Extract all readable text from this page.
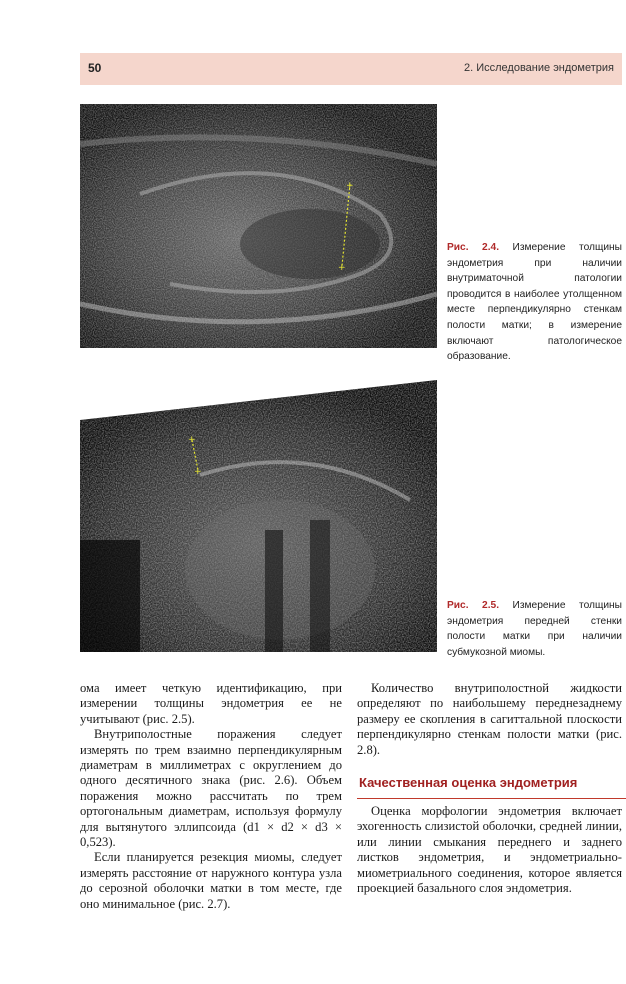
50	2. Исследование эндометрия
+
+
Рис. 2.4. Измерение толщины эндометрия при наличии внутриматочной патологии проводится в наиболее утолщенном месте перпендикулярно стенкам полости матки; в измерение включают патологическое образование.
+
+
Рис. 2.5. Измерение толщины эндометрия передней стенки полости матки при наличии субмукозной миомы.

ома имеет четкую идентификацию, при измерении толщины эндометрия ее не учитывают (рис. 2.5).

Внутриполостные поражения следует измерять по трем взаимно перпендикулярным диаметрам в миллиметрах с округлением до одного десятичного знака (рис. 2.6). Объем поражения можно рассчитать по трем ортогональным диаметрам, используя формулу для вытянутого эллипсоида (d1 × d2 × d3 × 0,523).

Если планируется резекция миомы, следует измерять расстояние от наружного контура узла до серозной оболочки матки в том месте, где оно минимальное (рис. 2.7).

Количество внутриполостной жидкости определяют по наибольшему переднезаднему размеру ее скопления в сагиттальной плоскости перпендикулярно стенкам полости матки (рис. 2.8).

Качественная оценка эндометрия

Оценка морфологии эндометрия включает эхогенность слизистой оболочки, средней линии, или линии смыкания переднего и заднего листков эндометрия, и эндометриально-миометриального соединения, которое является проекцией базального слоя эндометрия.
